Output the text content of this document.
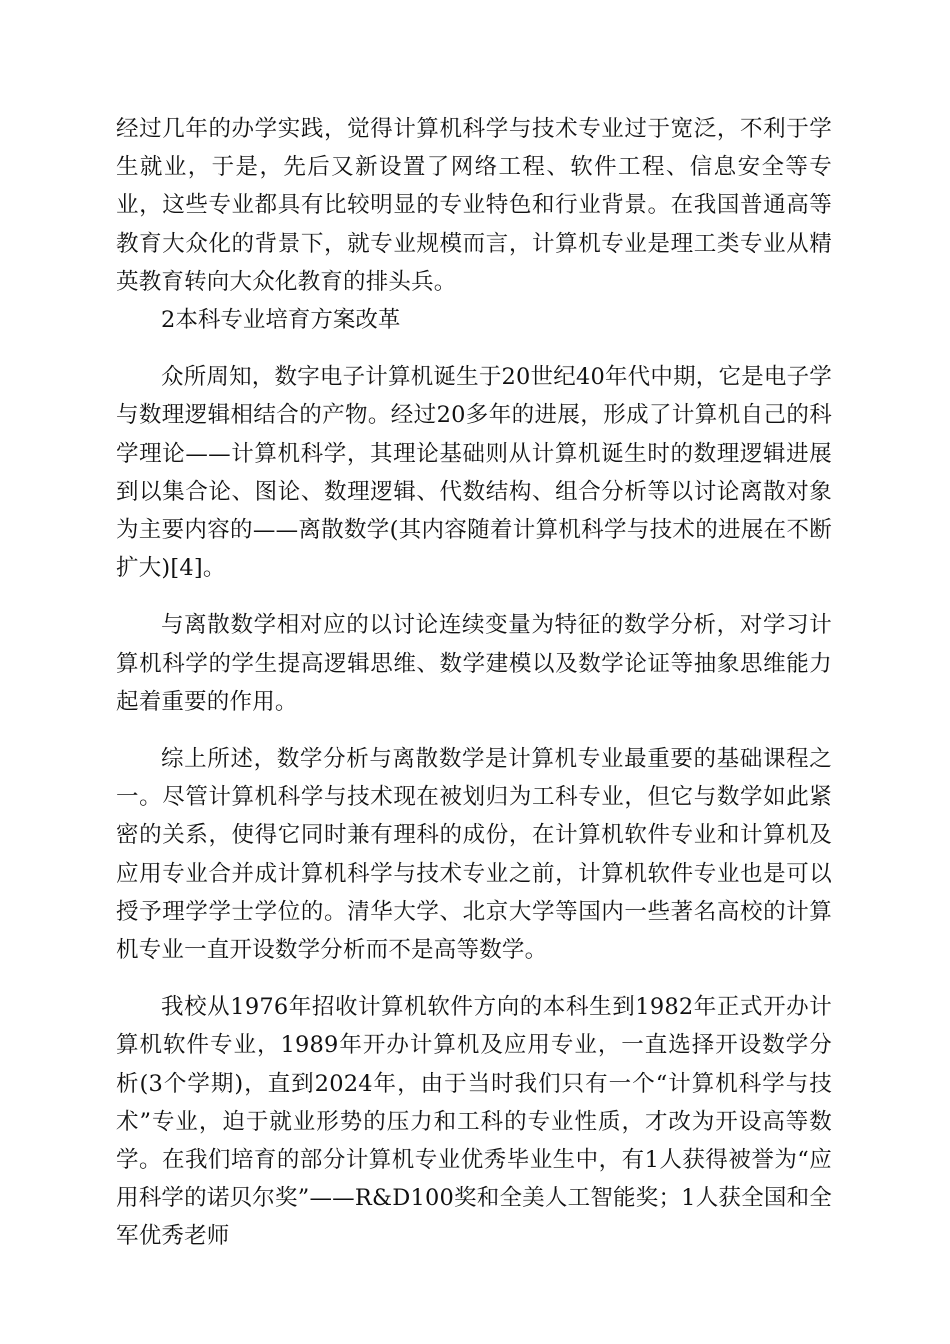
经过几年的办学实践，觉得计算机科学与技术专业过于宽泛，不利于学生就业，于是，先后又新设置了网络工程、软件工程、信息安全等专业，这些专业都具有比较明显的专业特色和行业背景。在我国普通高等教育大众化的背景下，就专业规模而言，计算机专业是理工类专业从精英教育转向大众化教育的排头兵。

2本科专业培育方案改革

众所周知，数字电子计算机诞生于20世纪40年代中期，它是电子学与数理逻辑相结合的产物。经过20多年的进展，形成了计算机自己的科学理论——计算机科学，其理论基础则从计算机诞生时的数理逻辑进展到以集合论、图论、数理逻辑、代数结构、组合分析等以讨论离散对象为主要内容的——离散数学(其内容随着计算机科学与技术的进展在不断扩大)[4]。

与离散数学相对应的以讨论连续变量为特征的数学分析，对学习计算机科学的学生提高逻辑思维、数学建模以及数学论证等抽象思维能力起着重要的作用。

综上所述，数学分析与离散数学是计算机专业最重要的基础课程之一。尽管计算机科学与技术现在被划归为工科专业，但它与数学如此紧密的关系，使得它同时兼有理科的成份，在计算机软件专业和计算机及应用专业合并成计算机科学与技术专业之前，计算机软件专业也是可以授予理学学士学位的。清华大学、北京大学等国内一些著名高校的计算机专业一直开设数学分析而不是高等数学。

我校从1976年招收计算机软件方向的本科生到1982年正式开办计算机软件专业，1989年开办计算机及应用专业，一直选择开设数学分析(3个学期)，直到2024年，由于当时我们只有一个“计算机科学与技术”专业，迫于就业形势的压力和工科的专业性质，才改为开设高等数学。在我们培育的部分计算机专业优秀毕业生中，有1人获得被誉为“应用科学的诺贝尔奖”——R&D100奖和全美人工智能奖；1人获全国和全军优秀老师
